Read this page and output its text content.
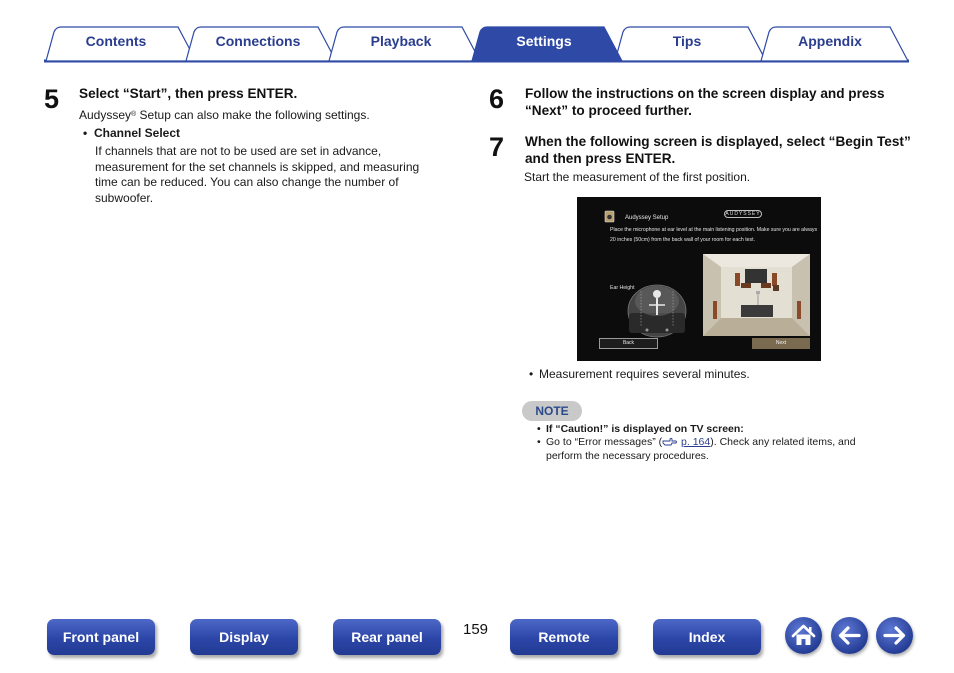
Contents	Connections	Playback	Settings	Tips	Appendix
5 Select “Start”, then press ENTER.
Audyssey® Setup can also make the following settings.
• Channel Select
If channels that are not to be used are set in advance, measurement for the set channels is skipped, and measuring time can be reduced. You can also change the number of subwoofer.
6 Follow the instructions on the screen display and press “Next” to proceed further.
7 When the following screen is displayed, select “Begin Test” and then press ENTER.
Start the measurement of the first position.
AUDYSSEY
Audyssey Setup
Place the microphone at ear level at the main listening position. Make sure you are always 20 inches (50cm) from the back wall of your room for each test.
Ear Height
Back	Next
• Measurement requires several minutes.
NOTE
• If “Caution!” is displayed on TV screen:
• Go to “Error messages” ( p. 164). Check any related items, and
perform the necessary procedures.
Front panel	Display	Rear panel	159	Remote	Index
